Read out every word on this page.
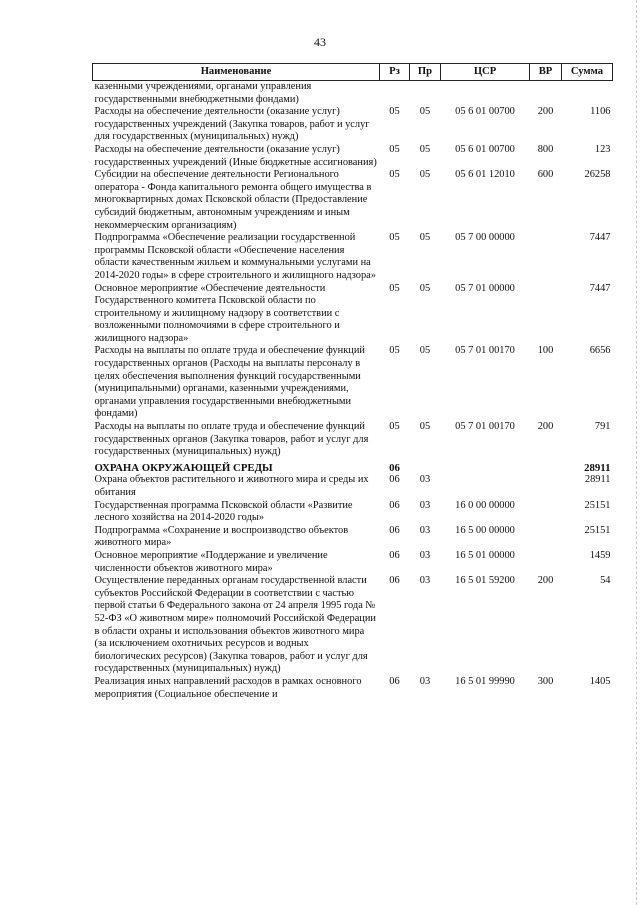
43
Наименование	Рз	Пр	ЦСР	ВР	Сумма
казенными учреждениями, органами управления государственными внебюджетными фондами)					
Расходы на обеспечение деятельности (оказание услуг) государственных учреждений (Закупка товаров, работ и услуг для государственных (муниципальных) нужд)	05	05	05 6 01 00700	200	1106
Расходы на обеспечение деятельности (оказание услуг) государственных учреждений (Иные бюджетные ассигнования)	05	05	05 6 01 00700	800	123
Субсидии на обеспечение деятельности Регионального оператора - Фонда капитального ремонта общего имущества в многоквартирных домах Псковской области (Предоставление субсидий бюджетным, автономным учреждениям и иным некоммерческим организациям)	05	05	05 6 01 12010	600	26258
Подпрограмма «Обеспечение реализации государственной программы Псковской области «Обеспечение населения области качественным жильем и коммунальными услугами на 2014-2020 годы» в сфере строительного и жилищного надзора»	05	05	05 7 00 00000		7447
Основное мероприятие «Обеспечение деятельности Государственного комитета Псковской области по строительному и жилищному надзору в соответствии с возложенными полномочиями в сфере строительного и жилищного надзора»	05	05	05 7 01 00000		7447
Расходы на выплаты по оплате труда и обеспечение функций государственных органов (Расходы на выплаты персоналу в целях обеспечения выполнения функций государственными (муниципальными) органами, казенными учреждениями, органами управления государственными внебюджетными фондами)	05	05	05 7 01 00170	100	6656
Расходы на выплаты по оплате труда и обеспечение функций государственных органов (Закупка товаров, работ и услуг для государственных (муниципальных) нужд)	05	05	05 7 01 00170	200	791
ОХРАНА ОКРУЖАЮЩЕЙ СРЕДЫ	06				28911
Охрана объектов растительного и животного мира и среды их обитания	06	03			28911
Государственная программа Псковской области «Развитие лесного хозяйства на 2014-2020 годы»	06	03	16 0 00 00000		25151
Подпрограмма «Сохранение и воспроизводство объектов животного мира»	06	03	16 5 00 00000		25151
Основное мероприятие «Поддержание и увеличение численности объектов животного мира»	06	03	16 5 01 00000		1459
Осуществление переданных органам государственной власти субъектов Российской Федерации в соответствии с частью первой статьи 6 Федерального закона от 24 апреля 1995 года № 52-ФЗ «О животном мире» полномочий Российской Федерации в области охраны и использования объектов животного мира (за исключением охотничьих ресурсов и водных биологических ресурсов) (Закупка товаров, работ и услуг для государственных (муниципальных) нужд)	06	03	16 5 01 59200	200	54
Реализация иных направлений расходов в рамках основного мероприятия (Социальное обеспечение и	06	03	16 5 01 99990	300	1405
